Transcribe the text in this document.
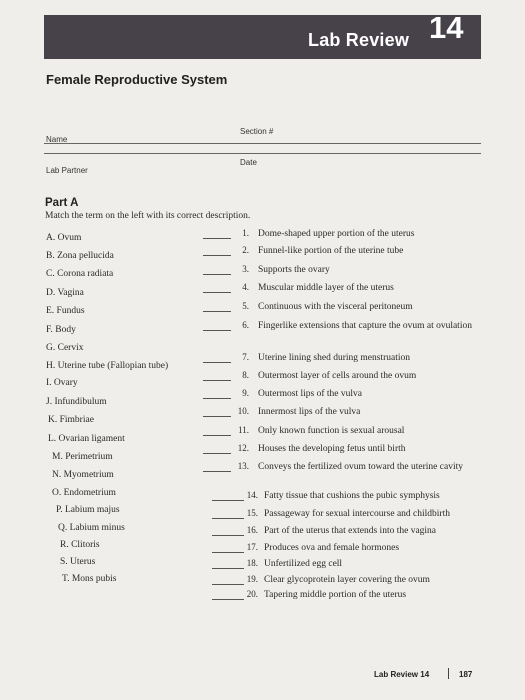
Lab Review 14
Female Reproductive System
Section #
Name
Date
Lab Partner
Part A
Match the term on the left with its correct description.
A. Ovum
B. Zona pellucida
C. Corona radiata
D. Vagina
E. Fundus
F. Body
G. Cervix
H. Uterine tube (Fallopian tube)
I. Ovary
J. Infundibulum
K. Fimbriae
L. Ovarian ligament
M. Perimetrium
N. Myometrium
O. Endometrium
P. Labium majus
Q. Labium minus
R. Clitoris
S. Uterus
T. Mons pubis
1. Dome-shaped upper portion of the uterus
2. Funnel-like portion of the uterine tube
3. Supports the ovary
4. Muscular middle layer of the uterus
5. Continuous with the visceral peritoneum
6. Fingerlike extensions that capture the ovum at ovulation
7. Uterine lining shed during menstruation
8. Outermost layer of cells around the ovum
9. Outermost lips of the vulva
10. Innermost lips of the vulva
11. Only known function is sexual arousal
12. Houses the developing fetus until birth
13. Conveys the fertilized ovum toward the uterine cavity
14. Fatty tissue that cushions the pubic symphysis
15. Passageway for sexual intercourse and childbirth
16. Part of the uterus that extends into the vagina
17. Produces ova and female hormones
18. Unfertilized egg cell
19. Clear glycoprotein layer covering the ovum
20. Tapering middle portion of the uterus
Lab Review 14	187
